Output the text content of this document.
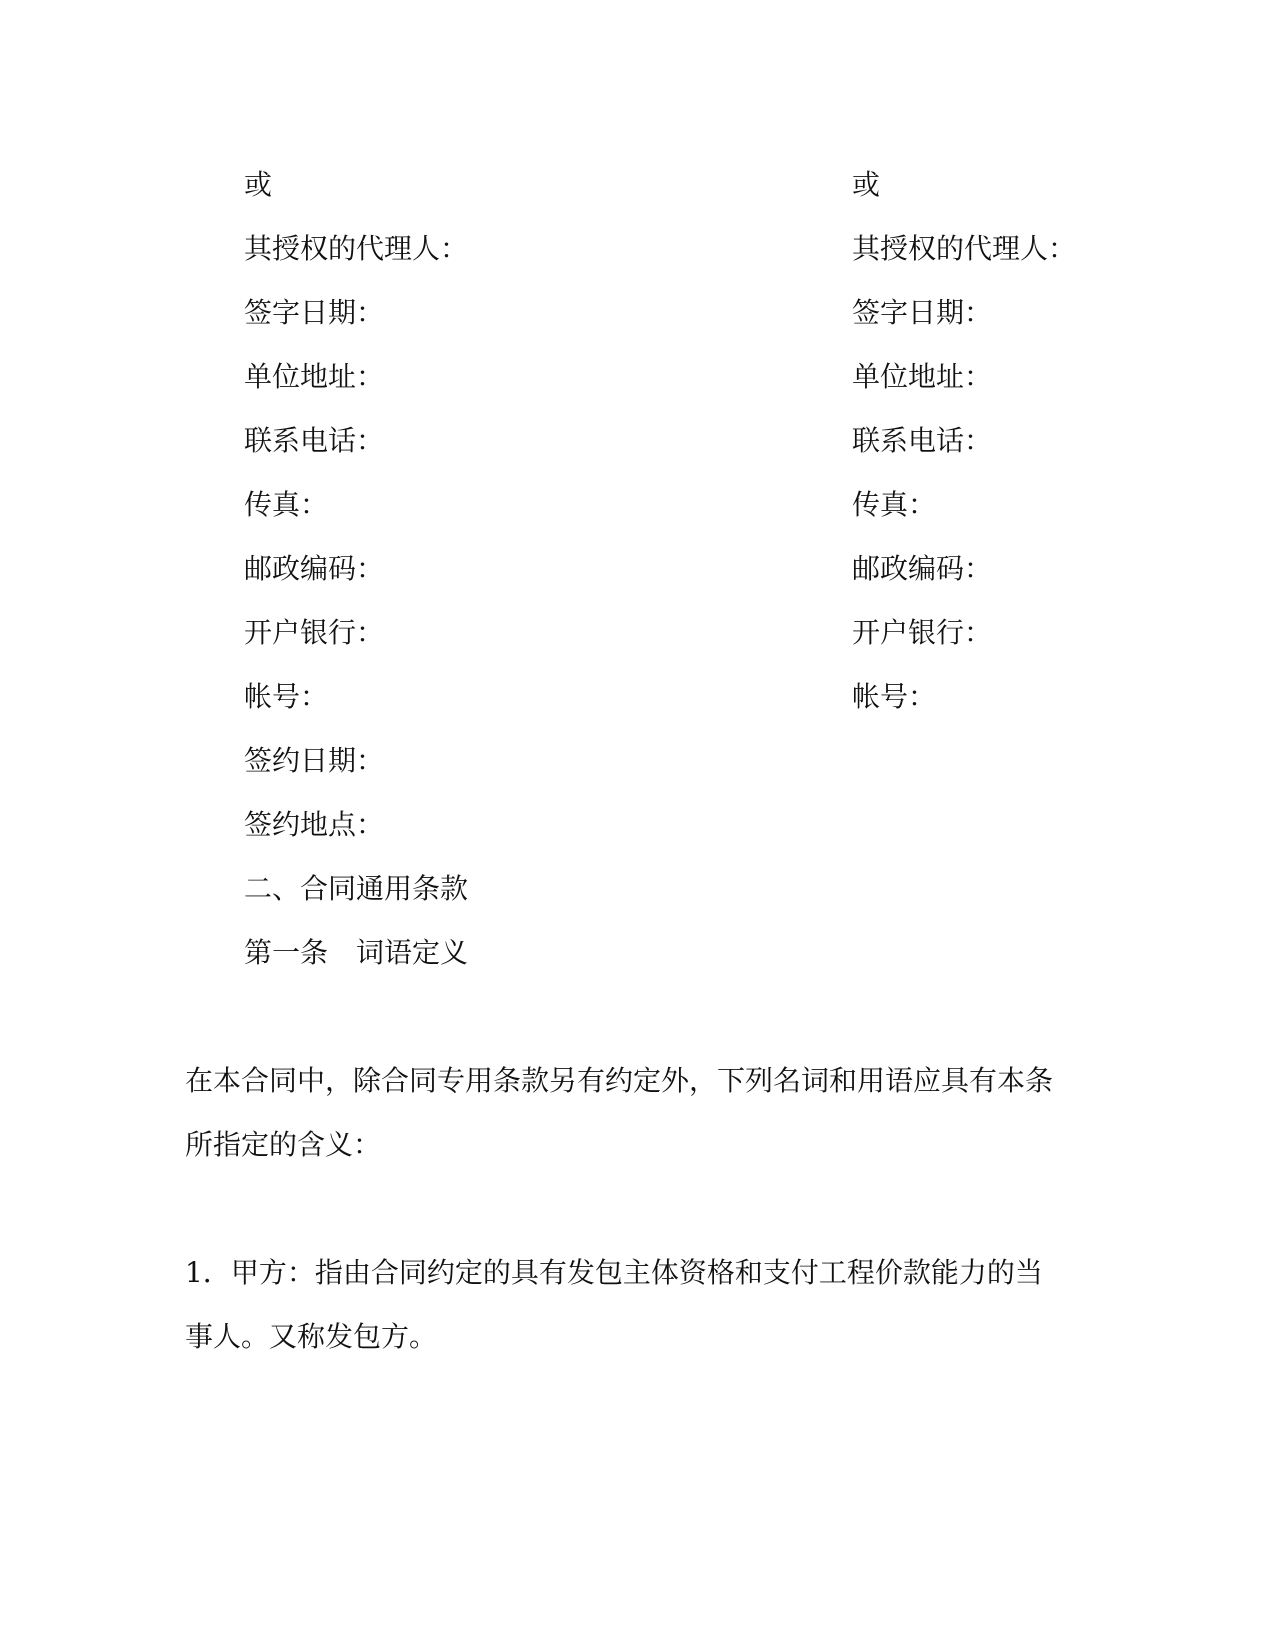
或
其授权的代理人：
签字日期：
单位地址：
联系电话：
传真：
邮政编码：
开户银行：
帐号：
签约日期：
签约地点：
或
其授权的代理人：
签字日期：
单位地址：
联系电话：
传真：
邮政编码：
开户银行：
帐号：
二、合同通用条款
第一条　词语定义
在本合同中，除合同专用条款另有约定外，下列名词和用语应具有本条
所指定的含义：
1．甲方：指由合同约定的具有发包主体资格和支付工程价款能力的当
事人。又称发包方。
